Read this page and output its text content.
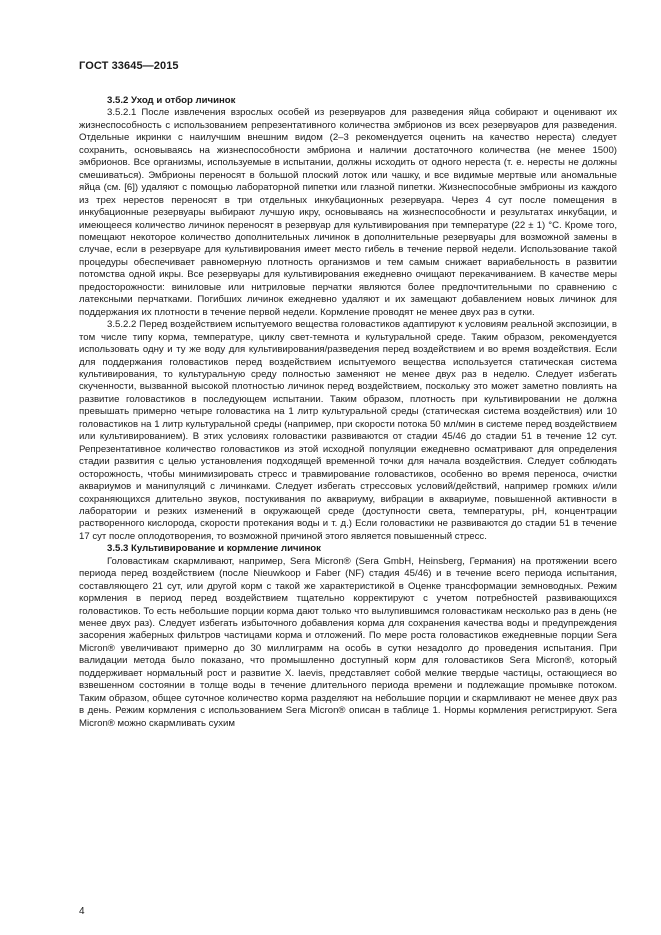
ГОСТ 33645—2015
3.5.2 Уход и отбор личинок

3.5.2.1 После извлечения взрослых особей из резервуаров для разведения яйца собирают и оценивают их жизнеспособность с использованием репрезентативного количества эмбрионов из всех резервуаров для разведения. Отдельные икринки с наилучшим внешним видом (2–3 рекомендуется оценить на качество нереста) следует сохранить, основываясь на жизнеспособности эмбриона и наличии достаточного количества (не менее 1500) эмбрионов. Все организмы, используемые в испытании, должны исходить от одного нереста (т. е. нересты не должны смешиваться). Эмбрионы переносят в большой плоский лоток или чашку, и все видимые мертвые или аномальные яйца (см. [6]) удаляют с помощью лабораторной пипетки или глазной пипетки. Жизнеспособные эмбрионы из каждого из трех нерестов переносят в три отдельных инкубационных резервуара. Через 4 сут после помещения в инкубационные резервуары выбирают лучшую икру, основываясь на жизнеспособности и результатах инкубации, и имеющееся количество личинок переносят в резервуар для культивирования при температуре (22 ± 1) °С. Кроме того, помещают некоторое количество дополнительных личинок в дополнительные резервуары для возможной замены в случае, если в резервуаре для культивирования имеет место гибель в течение первой недели. Использование такой процедуры обеспечивает равномерную плотность организмов и тем самым снижает вариабельность в развитии потомства одной икры. Все резервуары для культивирования ежедневно очищают перекачиванием. В качестве меры предосторожности: виниловые или нитриловые перчатки являются более предпочтительными по сравнению с латексными перчатками. Погибших личинок ежедневно удаляют и их замещают добавлением новых личинок для поддержания их плотности в течение первой недели. Кормление проводят не менее двух раз в сутки.

3.5.2.2 Перед воздействием испытуемого вещества головастиков адаптируют к условиям реальной экспозиции, в том числе типу корма, температуре, циклу свет-темнота и культуральной среде. Таким образом, рекомендуется использовать одну и ту же воду для культивирования/разведения перед воздействием и во время воздействия. Если для поддержания головастиков перед воздействием испытуемого вещества используется статическая система культивирования, то культуральную среду полностью заменяют не менее двух раз в неделю. Следует избегать скученности, вызванной высокой плотностью личинок перед воздействием, поскольку это может заметно повлиять на развитие головастиков в последующем испытании. Таким образом, плотность при культивировании не должна превышать примерно четыре головастика на 1 литр культуральной среды (статическая система воздействия) или 10 головастиков на 1 литр культуральной среды (например, при скорости потока 50 мл/мин в системе перед воздействием или культивированием). В этих условиях головастики развиваются от стадии 45/46 до стадии 51 в течение 12 сут. Репрезентативное количество головастиков из этой исходной популяции ежедневно осматривают для определения стадии развития с целью установления подходящей временной точки для начала воздействия. Следует соблюдать осторожность, чтобы минимизировать стресс и травмирование головастиков, особенно во время переноса, очистки аквариумов и манипуляций с личинками. Следует избегать стрессовых условий/действий, например громких и/или сохраняющихся длительно звуков, постукивания по аквариуму, вибрации в аквариуме, повышенной активности в лаборатории и резких изменений в окружающей среде (доступности света, температуры, pH, концентрации растворенного кислорода, скорости протекания воды и т. д.) Если головастики не развиваются до стадии 51 в течение 17 сут после оплодотворения, то возможной причиной этого является повышенный стресс.

3.5.3 Культивирование и кормление личинок

Головастикам скармливают, например, Sera Micron® (Sera GmbH, Heinsberg, Германия) на протяжении всего периода перед воздействием (после Nieuwkoop и Faber (NF) стадия 45/46) и в течение всего периода испытания, составляющего 21 сут, или другой корм с такой же характеристикой в Оценке трансформации земноводных. Режим кормления в период перед воздействием тщательно корректируют с учетом потребностей развивающихся головастиков. То есть небольшие порции корма дают только что вылупившимся головастикам несколько раз в день (не менее двух раз). Следует избегать избыточного добавления корма для сохранения качества воды и предупреждения засорения жаберных фильтров частицами корма и отложений. По мере роста головастиков ежедневные порции Sera Micron® увеличивают примерно до 30 миллиграмм на особь в сутки незадолго до проведения испытания. При валидации метода было показано, что промышленно доступный корм для головастиков Sera Micron®, который поддерживает нормальный рост и развитие X. laevis, представляет собой мелкие твердые частицы, остающиеся во взвешенном состоянии в толще воды в течение длительного периода времени и подлежащие промывке потоком. Таким образом, общее суточное количество корма разделяют на небольшие порции и скармливают не менее двух раз в день. Режим кормления с использованием Sera Micron® описан в таблице 1. Нормы кормления регистрируют. Sera Micron® можно скармливать сухим

4
